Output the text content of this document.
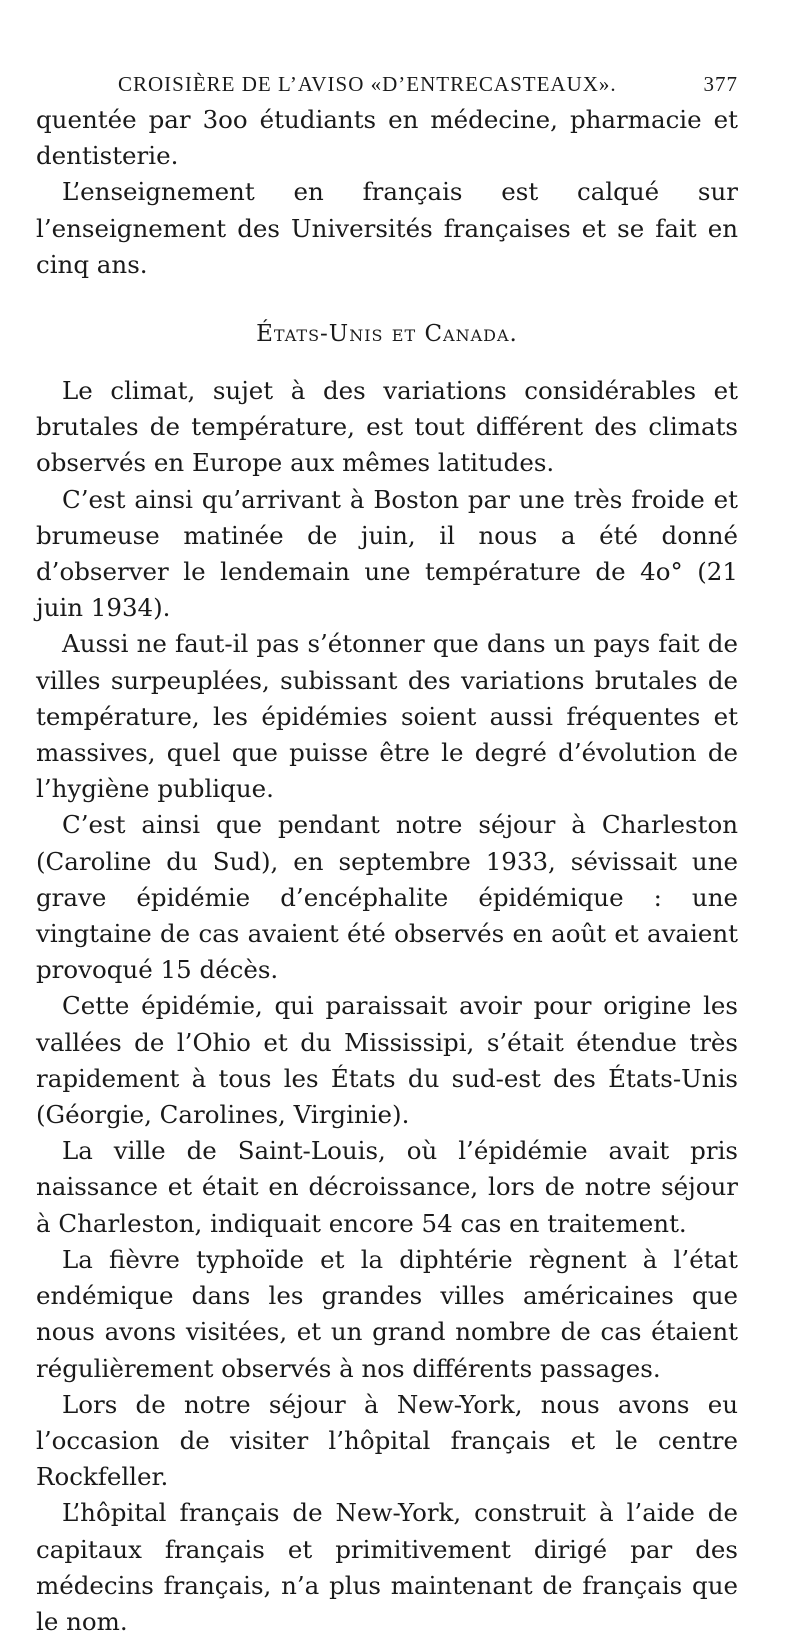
CROISIÈRE DE L’AVISO «D’ENTRECASTEAUX».	377

quentée par 3oo étudiants en médecine, pharmacie et dentisterie.

L’enseignement en français est calqué sur l’enseignement des Universités françaises et se fait en cinq ans.

États-Unis et Canada.

Le climat, sujet à des variations considérables et brutales de température, est tout différent des climats observés en Europe aux mêmes latitudes.

C’est ainsi qu’arrivant à Boston par une très froide et brumeuse matinée de juin, il nous a été donné d’observer le lendemain une température de 4o° (21 juin 1934).

Aussi ne faut-il pas s’étonner que dans un pays fait de villes surpeuplées, subissant des variations brutales de température, les épidémies soient aussi fréquentes et massives, quel que puisse être le degré d’évolution de l’hygiène publique.

C’est ainsi que pendant notre séjour à Charleston (Caroline du Sud), en septembre 1933, sévissait une grave épidémie d’encéphalite épidémique : une vingtaine de cas avaient été observés en août et avaient provoqué 15 décès.

Cette épidémie, qui paraissait avoir pour origine les vallées de l’Ohio et du Mississipi, s’était étendue très rapidement à tous les États du sud-est des États-Unis (Géorgie, Carolines, Virginie).

La ville de Saint-Louis, où l’épidémie avait pris naissance et était en décroissance, lors de notre séjour à Charleston, indiquait encore 54 cas en traitement.

La fièvre typhoïde et la diphtérie règnent à l’état endémique dans les grandes villes américaines que nous avons visitées, et un grand nombre de cas étaient régulièrement observés à nos différents passages.

Lors de notre séjour à New-York, nous avons eu l’occasion de visiter l’hôpital français et le centre Rockfeller.

L’hôpital français de New-York, construit à l’aide de capitaux français et primitivement dirigé par des médecins français, n’a plus maintenant de français que le nom.
